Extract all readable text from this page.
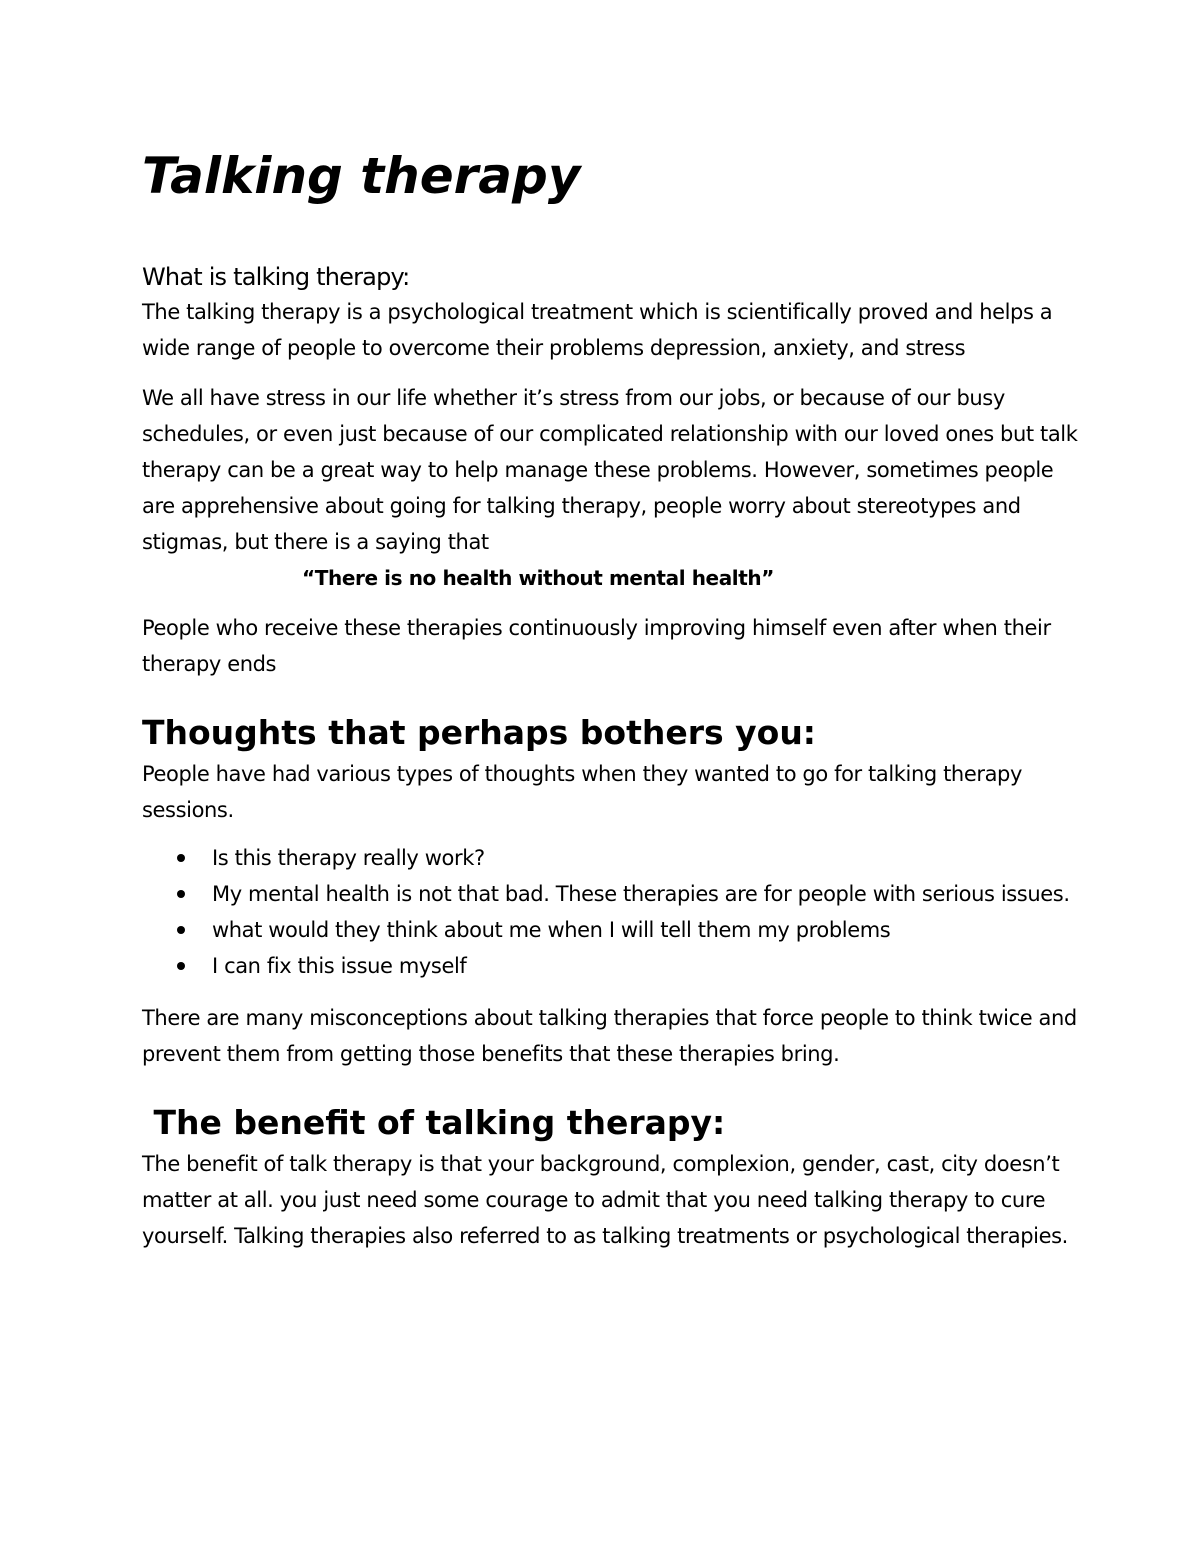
Talking therapy

What is talking therapy:

The talking therapy is a psychological treatment which is scientifically proved and helps a wide range of people to overcome their problems depression, anxiety, and stress

We all have stress in our life whether it’s stress from our jobs, or because of our busy schedules, or even just because of our complicated relationship with our loved ones but talk therapy can be a great way to help manage these problems. However, sometimes people are apprehensive about going for talking therapy, people worry about stereotypes and stigmas, but there is a saying that

“There is no health without mental health”

People who receive these therapies continuously improving himself even after when their therapy ends

Thoughts that perhaps bothers you:

People have had various types of thoughts when they wanted to go for talking therapy sessions.

Is this therapy really work?
My mental health is not that bad. These therapies are for people with serious issues.
what would they think about me when I will tell them my problems
I can fix this issue myself

There are many misconceptions about talking therapies that force people to think twice and prevent them from getting those benefits that these therapies bring.

The benefit of talking therapy:

The benefit of talk therapy is that your background, complexion, gender, cast, city doesn’t matter at all. you just need some courage to admit that you need talking therapy to cure yourself. Talking therapies also referred to as talking treatments or psychological therapies.
